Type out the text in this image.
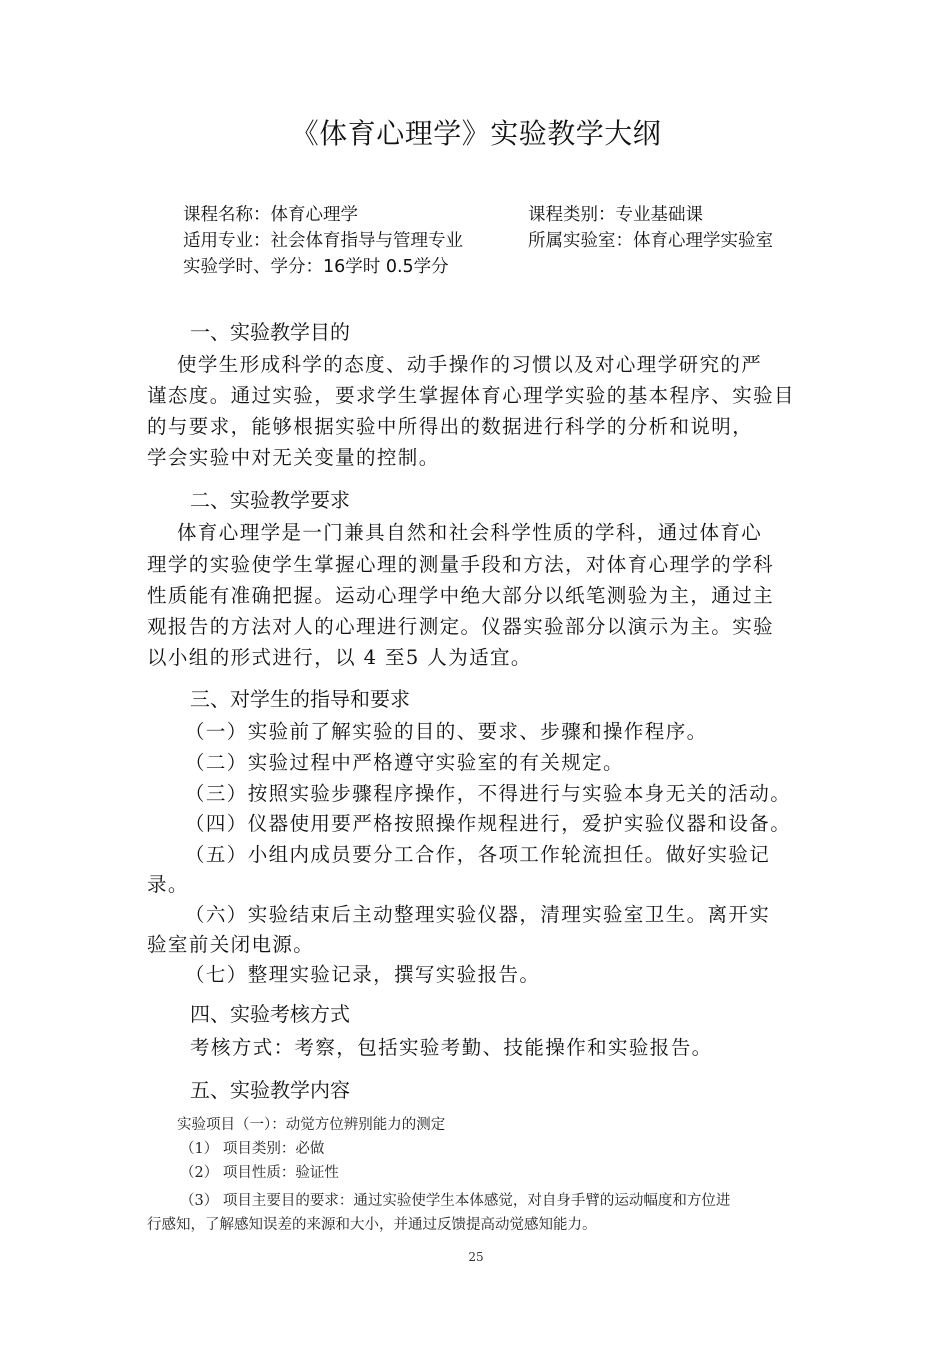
《体育心理学》实验教学大纲
课程名称：体育心理学	课程类别：专业基础课
适用专业：社会体育指导与管理专业	所属实验室：体育心理学实验室
实验学时、学分：16学时 0.5学分
一、实验教学目的
使学生形成科学的态度、动手操作的习惯以及对心理学研究的严
谨态度。通过实验，要求学生掌握体育心理学实验的基本程序、实验目
的与要求，能够根据实验中所得出的数据进行科学的分析和说明，
学会实验中对无关变量的控制。
二、实验教学要求
体育心理学是一门兼具自然和社会科学性质的学科，通过体育心
理学的实验使学生掌握心理的测量手段和方法，对体育心理学的学科
性质能有准确把握。运动心理学中绝大部分以纸笔测验为主，通过主
观报告的方法对人的心理进行测定。仪器实验部分以演示为主。实验
以小组的形式进行，以 4 至5 人为适宜。
三、对学生的指导和要求
（一）实验前了解实验的目的、要求、步骤和操作程序。
（二）实验过程中严格遵守实验室的有关规定。
（三）按照实验步骤程序操作，不得进行与实验本身无关的活动。
（四）仪器使用要严格按照操作规程进行，爱护实验仪器和设备。
（五）小组内成员要分工合作，各项工作轮流担任。做好实验记
录。
（六）实验结束后主动整理实验仪器，清理实验室卫生。离开实
验室前关闭电源。
（七）整理实验记录，撰写实验报告。
四、实验考核方式
考核方式：考察，包括实验考勤、技能操作和实验报告。
五、实验教学内容
实验项目（一）：动觉方位辨别能力的测定
（1） 项目类别：必做
（2） 项目性质：验证性
（3） 项目主要目的要求：通过实验使学生本体感觉，对自身手臂的运动幅度和方位进
行感知，了解感知误差的来源和大小，并通过反馈提高动觉感知能力。
25
